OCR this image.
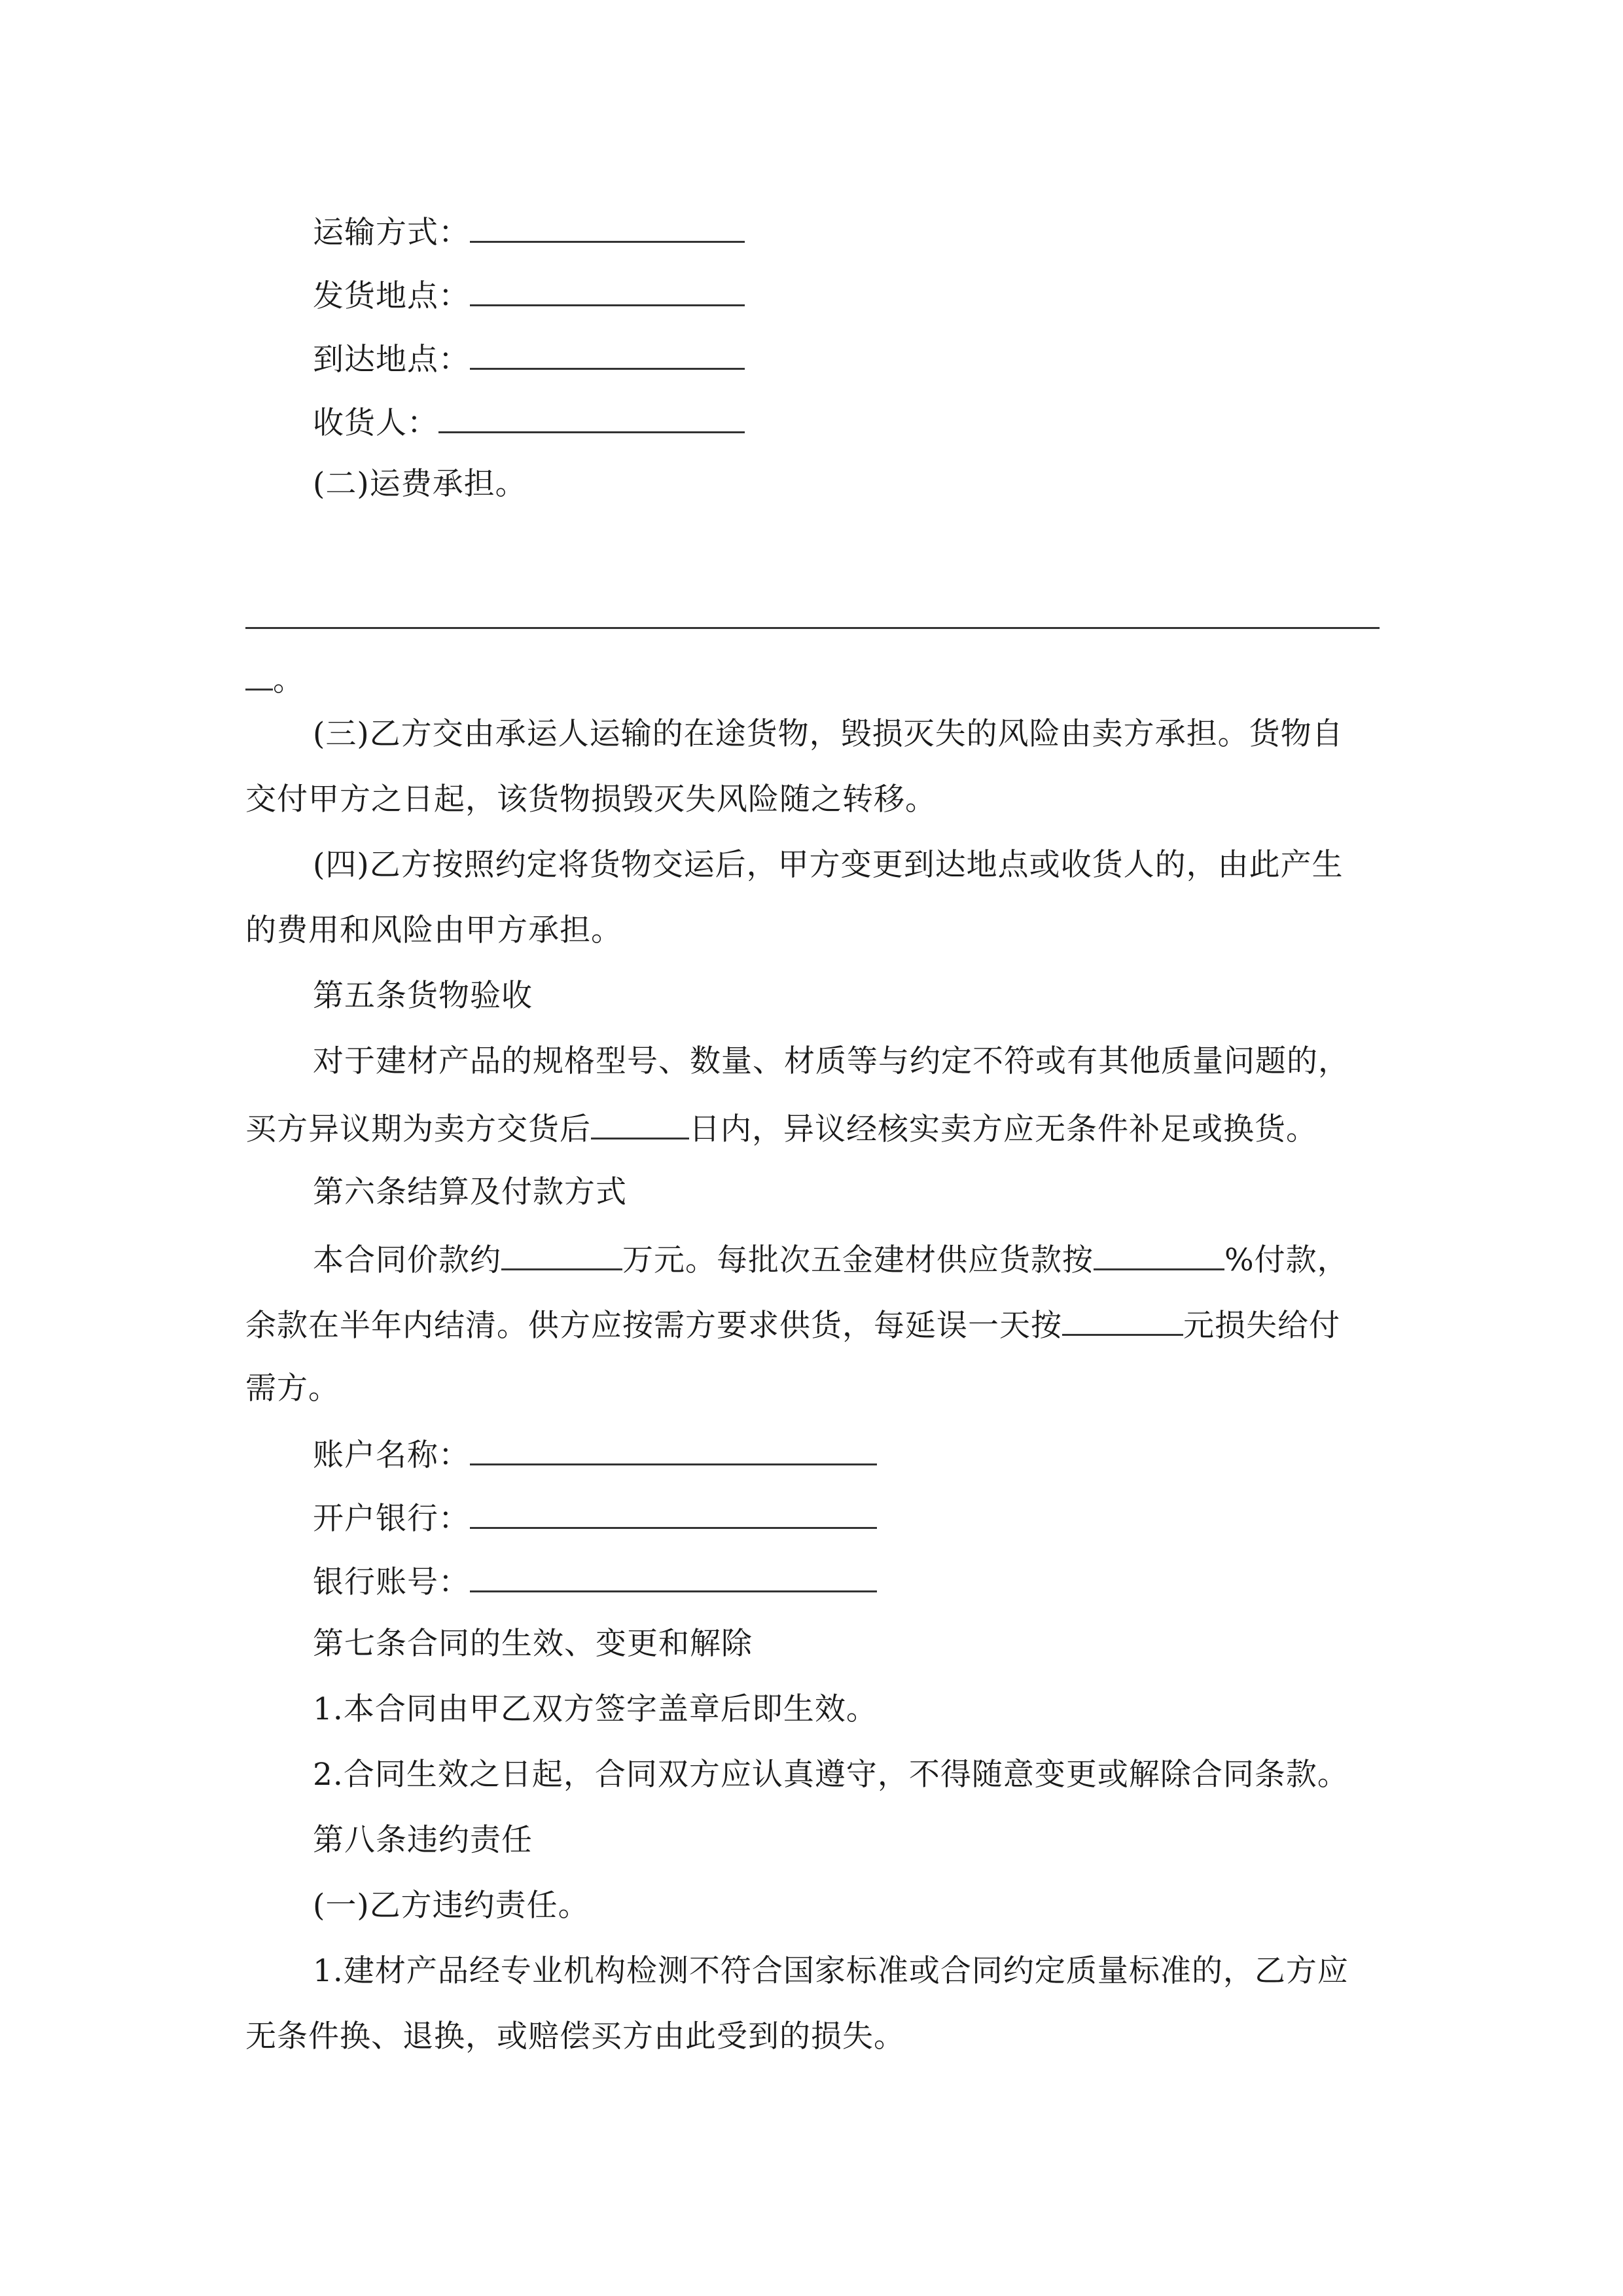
运输方式：
发货地点：
到达地点：
收货人：
(二)运费承担。
。
(三)乙方交由承运人运输的在途货物，毁损灭失的风险由卖方承担。货物自
交付甲方之日起，该货物损毁灭失风险随之转移。
(四)乙方按照约定将货物交运后，甲方变更到达地点或收货人的，由此产生
的费用和风险由甲方承担。
第五条货物验收
对于建材产品的规格型号、数量、材质等与约定不符或有其他质量问题的，
买方异议期为卖方交货后	日内，异议经核实卖方应无条件补足或换货。
第六条结算及付款方式
本合同价款约	万元。每批次五金建材供应货款按	%付款，
余款在半年内结清。供方应按需方要求供货，每延误一天按	元损失给付
需方。
账户名称：
开户银行：
银行账号：
第七条合同的生效、变更和解除
1.本合同由甲乙双方签字盖章后即生效。
2.合同生效之日起，合同双方应认真遵守，不得随意变更或解除合同条款。
第八条违约责任
(一)乙方违约责任。
1.建材产品经专业机构检测不符合国家标准或合同约定质量标准的，乙方应
无条件换、退换，或赔偿买方由此受到的损失。
